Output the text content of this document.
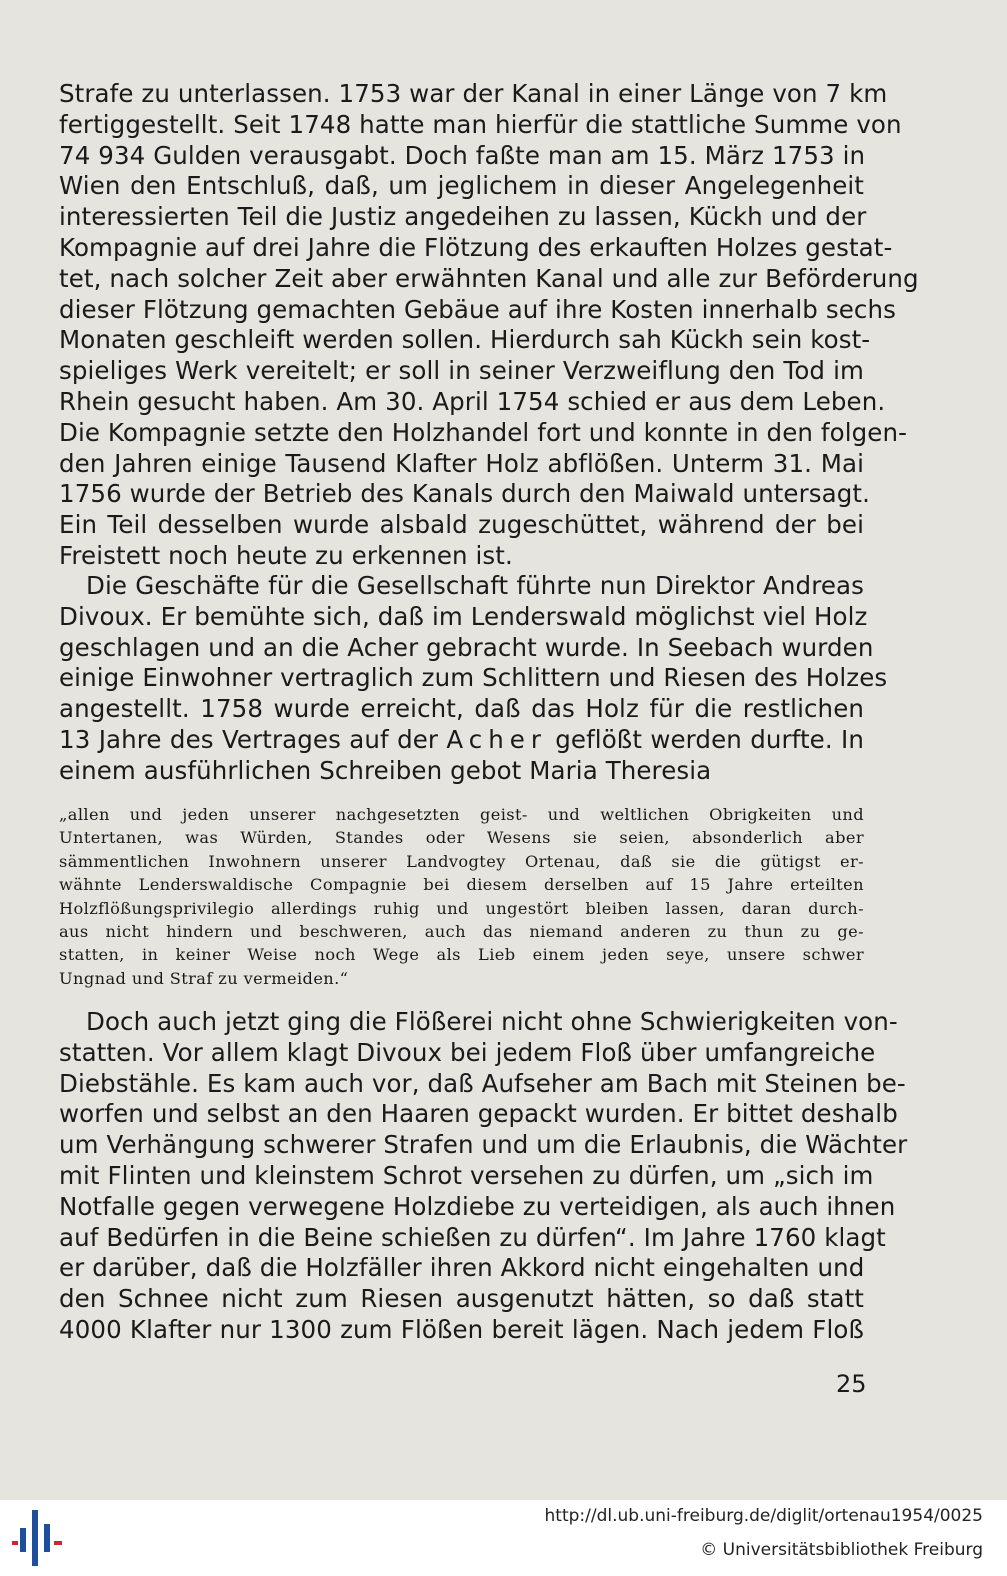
Strafe zu unterlassen. 1753 war der Kanal in einer Länge von 7 km
fertiggestellt. Seit 1748 hatte man hierfür die stattliche Summe von
74 934 Gulden verausgabt. Doch faßte man am 15. März 1753 in
Wien den Entschluß, daß, um jeglichem in dieser Angelegenheit
interessierten Teil die Justiz angedeihen zu lassen, Kückh und der
Kompagnie auf drei Jahre die Flötzung des erkauften Holzes gestat-
tet, nach solcher Zeit aber erwähnten Kanal und alle zur Beförderung
dieser Flötzung gemachten Gebäue auf ihre Kosten innerhalb sechs
Monaten geschleift werden sollen. Hierdurch sah Kückh sein kost-
spieliges Werk vereitelt; er soll in seiner Verzweiflung den Tod im
Rhein gesucht haben. Am 30. April 1754 schied er aus dem Leben.
Die Kompagnie setzte den Holzhandel fort und konnte in den folgen-
den Jahren einige Tausend Klafter Holz abflößen. Unterm 31. Mai
1756 wurde der Betrieb des Kanals durch den Maiwald untersagt.
Ein Teil desselben wurde alsbald zugeschüttet, während der bei
Freistett noch heute zu erkennen ist.
Die Geschäfte für die Gesellschaft führte nun Direktor Andreas
Divoux. Er bemühte sich, daß im Lenderswald möglichst viel Holz
geschlagen und an die Acher gebracht wurde. In Seebach wurden
einige Einwohner vertraglich zum Schlittern und Riesen des Holzes
angestellt. 1758 wurde erreicht, daß das Holz für die restlichen
13 Jahre des Vertrages auf der Acher geflößt werden durfte. In
einem ausführlichen Schreiben gebot Maria Theresia
„allen und jeden unserer nachgesetzten geist- und weltlichen Obrigkeiten und
Untertanen, was Würden, Standes oder Wesens sie seien, absonderlich aber
sämmentlichen Inwohnern unserer Landvogtey Ortenau, daß sie die gütigst er-
wähnte Lenderswaldische Compagnie bei diesem derselben auf 15 Jahre erteilten
Holzflößungsprivilegio allerdings ruhig und ungestört bleiben lassen, daran durch-
aus nicht hindern und beschweren, auch das niemand anderen zu thun zu ge-
statten, in keiner Weise noch Wege als Lieb einem jeden seye, unsere schwer
Ungnad und Straf zu vermeiden.“
Doch auch jetzt ging die Flößerei nicht ohne Schwierigkeiten von-
statten. Vor allem klagt Divoux bei jedem Floß über umfangreiche
Diebstähle. Es kam auch vor, daß Aufseher am Bach mit Steinen be-
worfen und selbst an den Haaren gepackt wurden. Er bittet deshalb
um Verhängung schwerer Strafen und um die Erlaubnis, die Wächter
mit Flinten und kleinstem Schrot versehen zu dürfen, um „sich im
Notfalle gegen verwegene Holzdiebe zu verteidigen, als auch ihnen
auf Bedürfen in die Beine schießen zu dürfen“. Im Jahre 1760 klagt
er darüber, daß die Holzfäller ihren Akkord nicht eingehalten und
den Schnee nicht zum Riesen ausgenutzt hätten, so daß statt
4000 Klafter nur 1300 zum Flößen bereit lägen. Nach jedem Floß
25
http://dl.ub.uni-freiburg.de/diglit/ortenau1954/0025
© Universitätsbibliothek Freiburg
